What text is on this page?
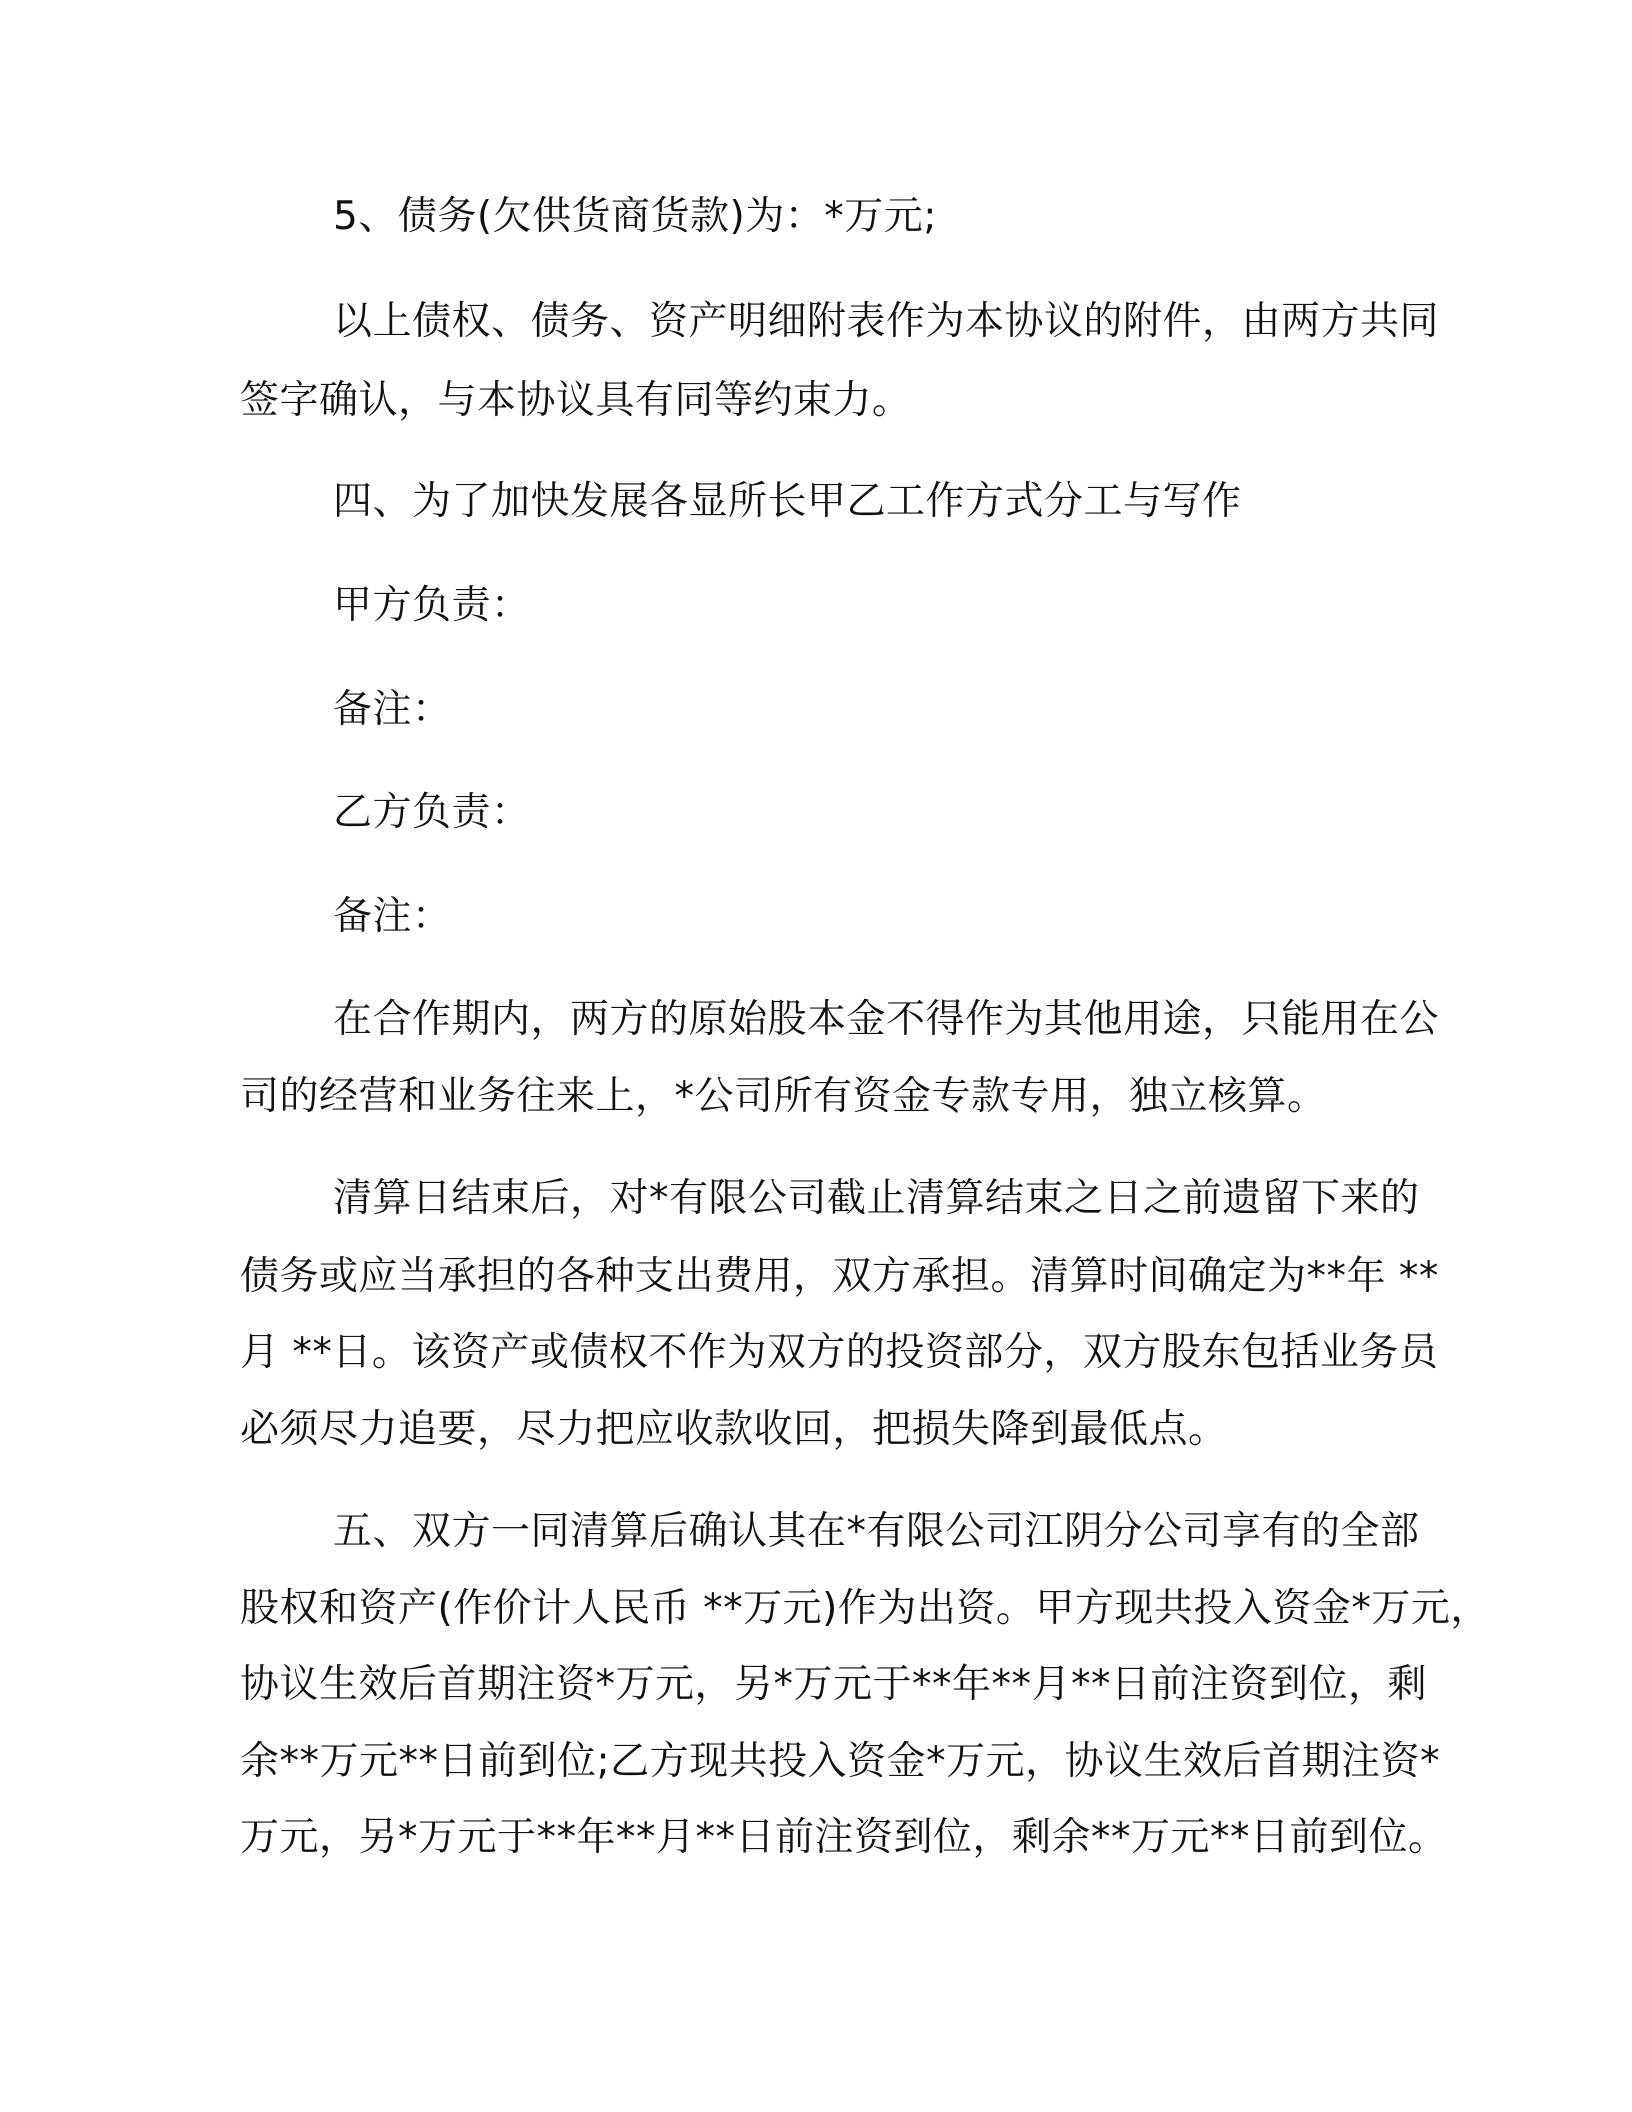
5、债务(欠供货商货款)为：*万元;
以上债权、债务、资产明细附表作为本协议的附件，由两方共同
签字确认，与本协议具有同等约束力。
四、为了加快发展各显所长甲乙工作方式分工与写作
甲方负责：
备注：
乙方负责：
备注：
在合作期内，两方的原始股本金不得作为其他用途，只能用在公
司的经营和业务往来上，*公司所有资金专款专用，独立核算。
清算日结束后，对*有限公司截止清算结束之日之前遗留下来的
债务或应当承担的各种支出费用，双方承担。清算时间确定为**年 **
月 **日。该资产或债权不作为双方的投资部分，双方股东包括业务员
必须尽力追要，尽力把应收款收回，把损失降到最低点。
五、双方一同清算后确认其在*有限公司江阴分公司享有的全部
股权和资产(作价计人民币 **万元)作为出资。甲方现共投入资金*万元，
协议生效后首期注资*万元，另*万元于**年**月**日前注资到位，剩
余**万元**日前到位;乙方现共投入资金*万元，协议生效后首期注资*
万元，另*万元于**年**月**日前注资到位，剩余**万元**日前到位。
